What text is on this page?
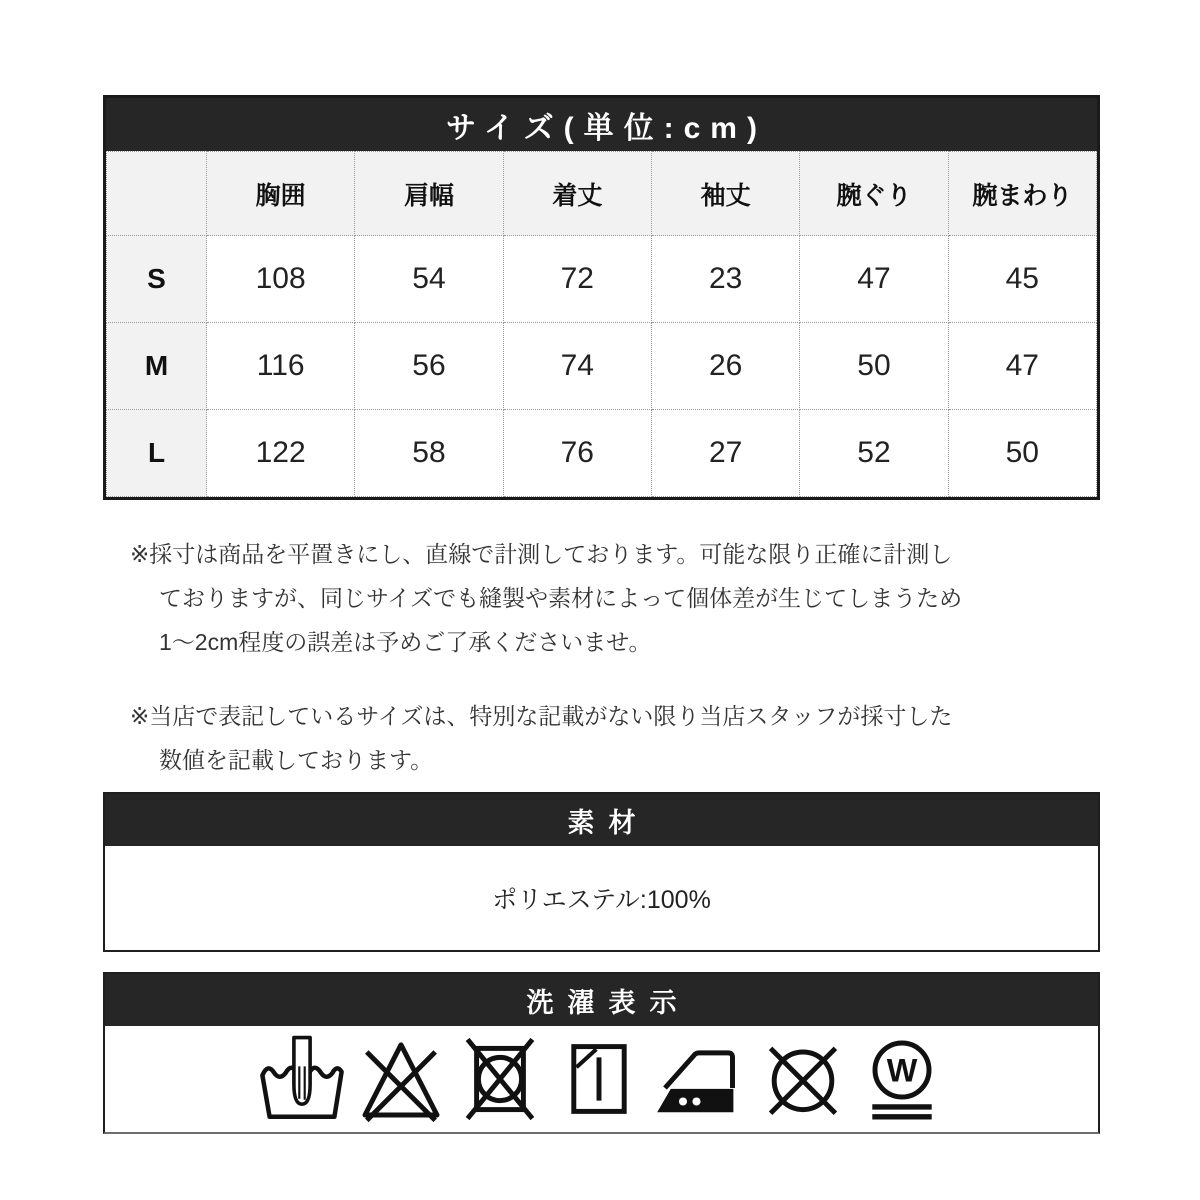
サイズ(単位:cm)
	胸囲	肩幅	着丈	袖丈	腕ぐり	腕まわり
S	108	54	72	23	47	45
M	116	56	74	26	50	47
L	122	58	76	27	52	50
※採寸は商品を平置きにし、直線で計測しております。可能な限り正確に計測し
ておりますが、同じサイズでも縫製や素材によって個体差が生じてしまうため
1〜2cm程度の誤差は予めご了承くださいませ。
※当店で表記しているサイズは、特別な記載がない限り当店スタッフが採寸した
数値を記載しております。
素材
ポリエステル:100%
洗濯表示
W
